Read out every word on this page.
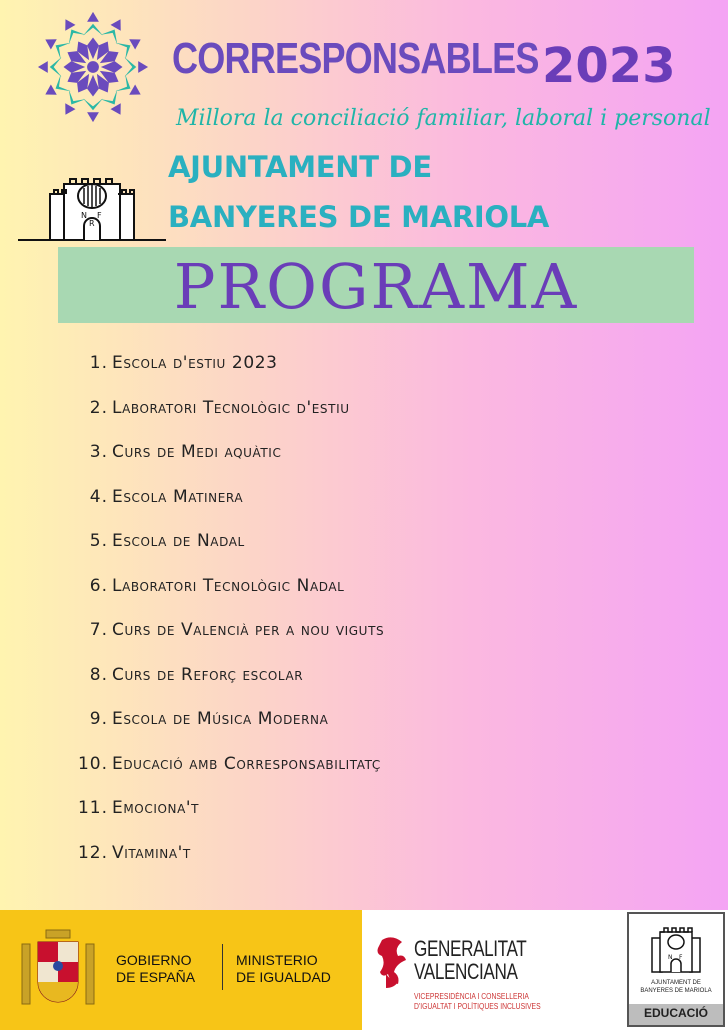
CORRESPONSABLES 2023
Millora la conciliació familiar, laboral i personal
N F
R
AJUNTAMENT DE
BANYERES DE MARIOLA
PROGRAMA
1. Escola d'estiu 2023
2. Laboratori Tecnològic d'estiu
3. Curs de Medi aquàtic
4. Escola Matinera
5. Escola de Nadal
6. Laboratori Tecnològic Nadal
7. Curs de Valencià per a nou viguts
8. Curs de Reforç escolar
9. Escola de Música Moderna
10. Educació amb Corresponsabilitatç
11. Emociona't
12. Vitamina't
GOBIERNO
DE ESPAÑA
MINISTERIO
DE IGUALDAD
GENERALITAT
VALENCIANA
VICEPRESIDÈNCIA I CONSELLERIA
D'IGUALTAT I POLÍTIQUES INCLUSIVES
N F
AJUNTAMENT DE
BANYERES DE MARIOLA
EDUCACIÓ
